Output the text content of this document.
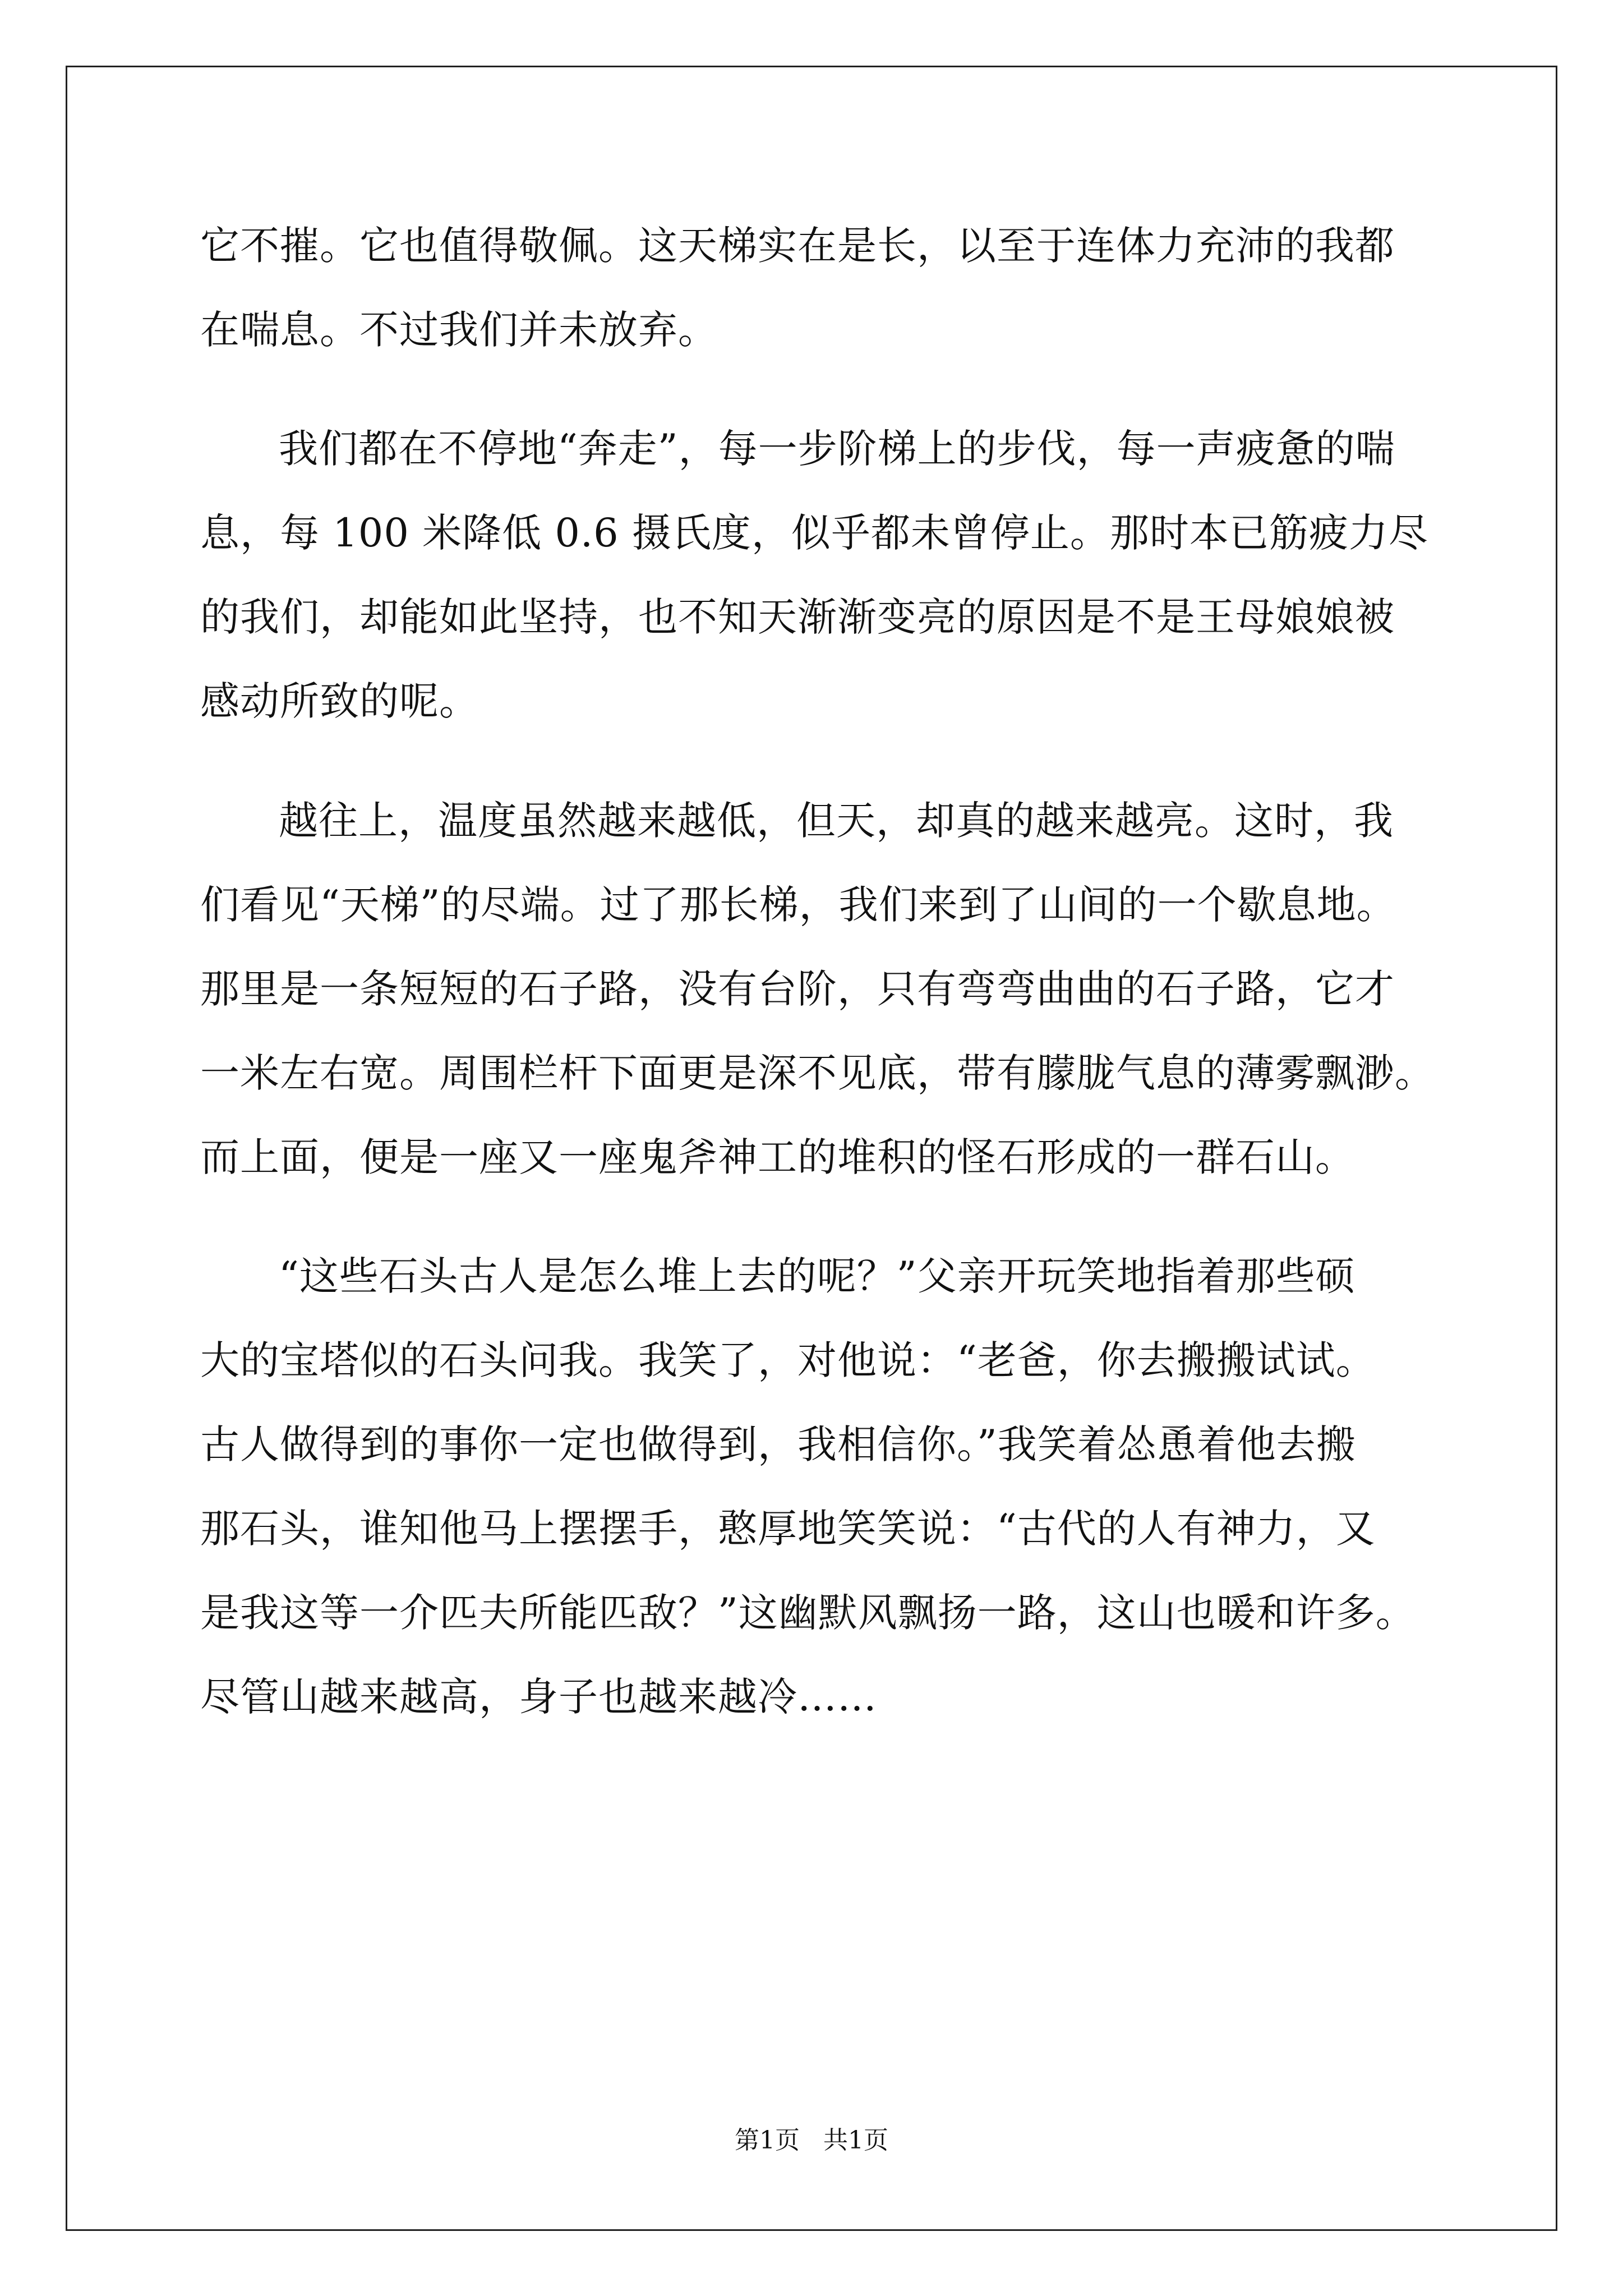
它不摧。它也值得敬佩。这天梯实在是长，以至于连体力充沛的我都
在喘息。不过我们并未放弃。
我们都在不停地“奔走”，每一步阶梯上的步伐，每一声疲惫的喘
息，每 100 米降低 0.6 摄氏度，似乎都未曾停止。那时本已筋疲力尽
的我们，却能如此坚持，也不知天渐渐变亮的原因是不是王母娘娘被
感动所致的呢。
越往上，温度虽然越来越低，但天，却真的越来越亮。这时，我
们看见“天梯”的尽端。过了那长梯，我们来到了山间的一个歇息地。
那里是一条短短的石子路，没有台阶，只有弯弯曲曲的石子路，它才
一米左右宽。周围栏杆下面更是深不见底，带有朦胧气息的薄雾飘渺。
而上面，便是一座又一座鬼斧神工的堆积的怪石形成的一群石山。
“这些石头古人是怎么堆上去的呢？”父亲开玩笑地指着那些硕
大的宝塔似的石头问我。我笑了，对他说：“老爸，你去搬搬试试。
古人做得到的事你一定也做得到，我相信你。”我笑着怂恿着他去搬
那石头，谁知他马上摆摆手，憨厚地笑笑说：“古代的人有神力，又
是我这等一介匹夫所能匹敌？”这幽默风飘扬一路，这山也暖和许多。
尽管山越来越高，身子也越来越冷……
第1页   共1页
